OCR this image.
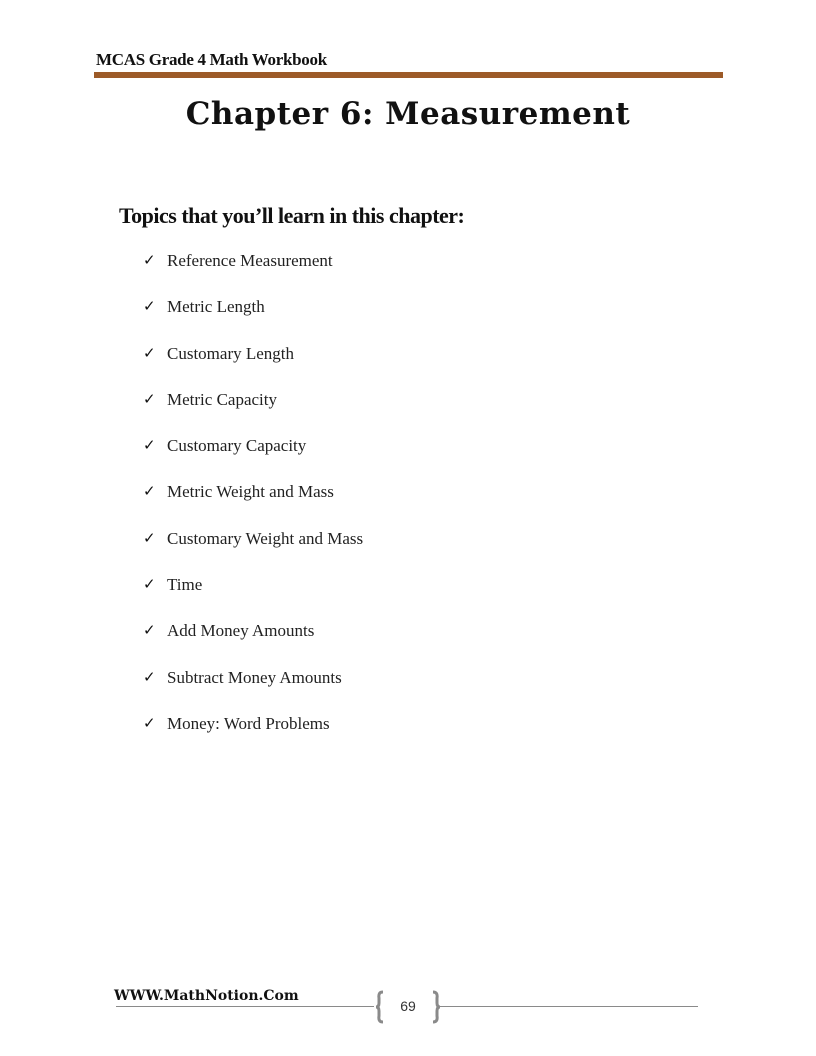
MCAS Grade 4 Math Workbook
Chapter 6: Measurement
Topics that you’ll learn in this chapter:
✓ Reference Measurement
✓ Metric Length
✓ Customary Length
✓ Metric Capacity
✓ Customary Capacity
✓ Metric Weight and Mass
✓ Customary Weight and Mass
✓ Time
✓ Add Money Amounts
✓ Subtract Money Amounts
✓ Money: Word Problems
WWW.MathNotion.Com
69
